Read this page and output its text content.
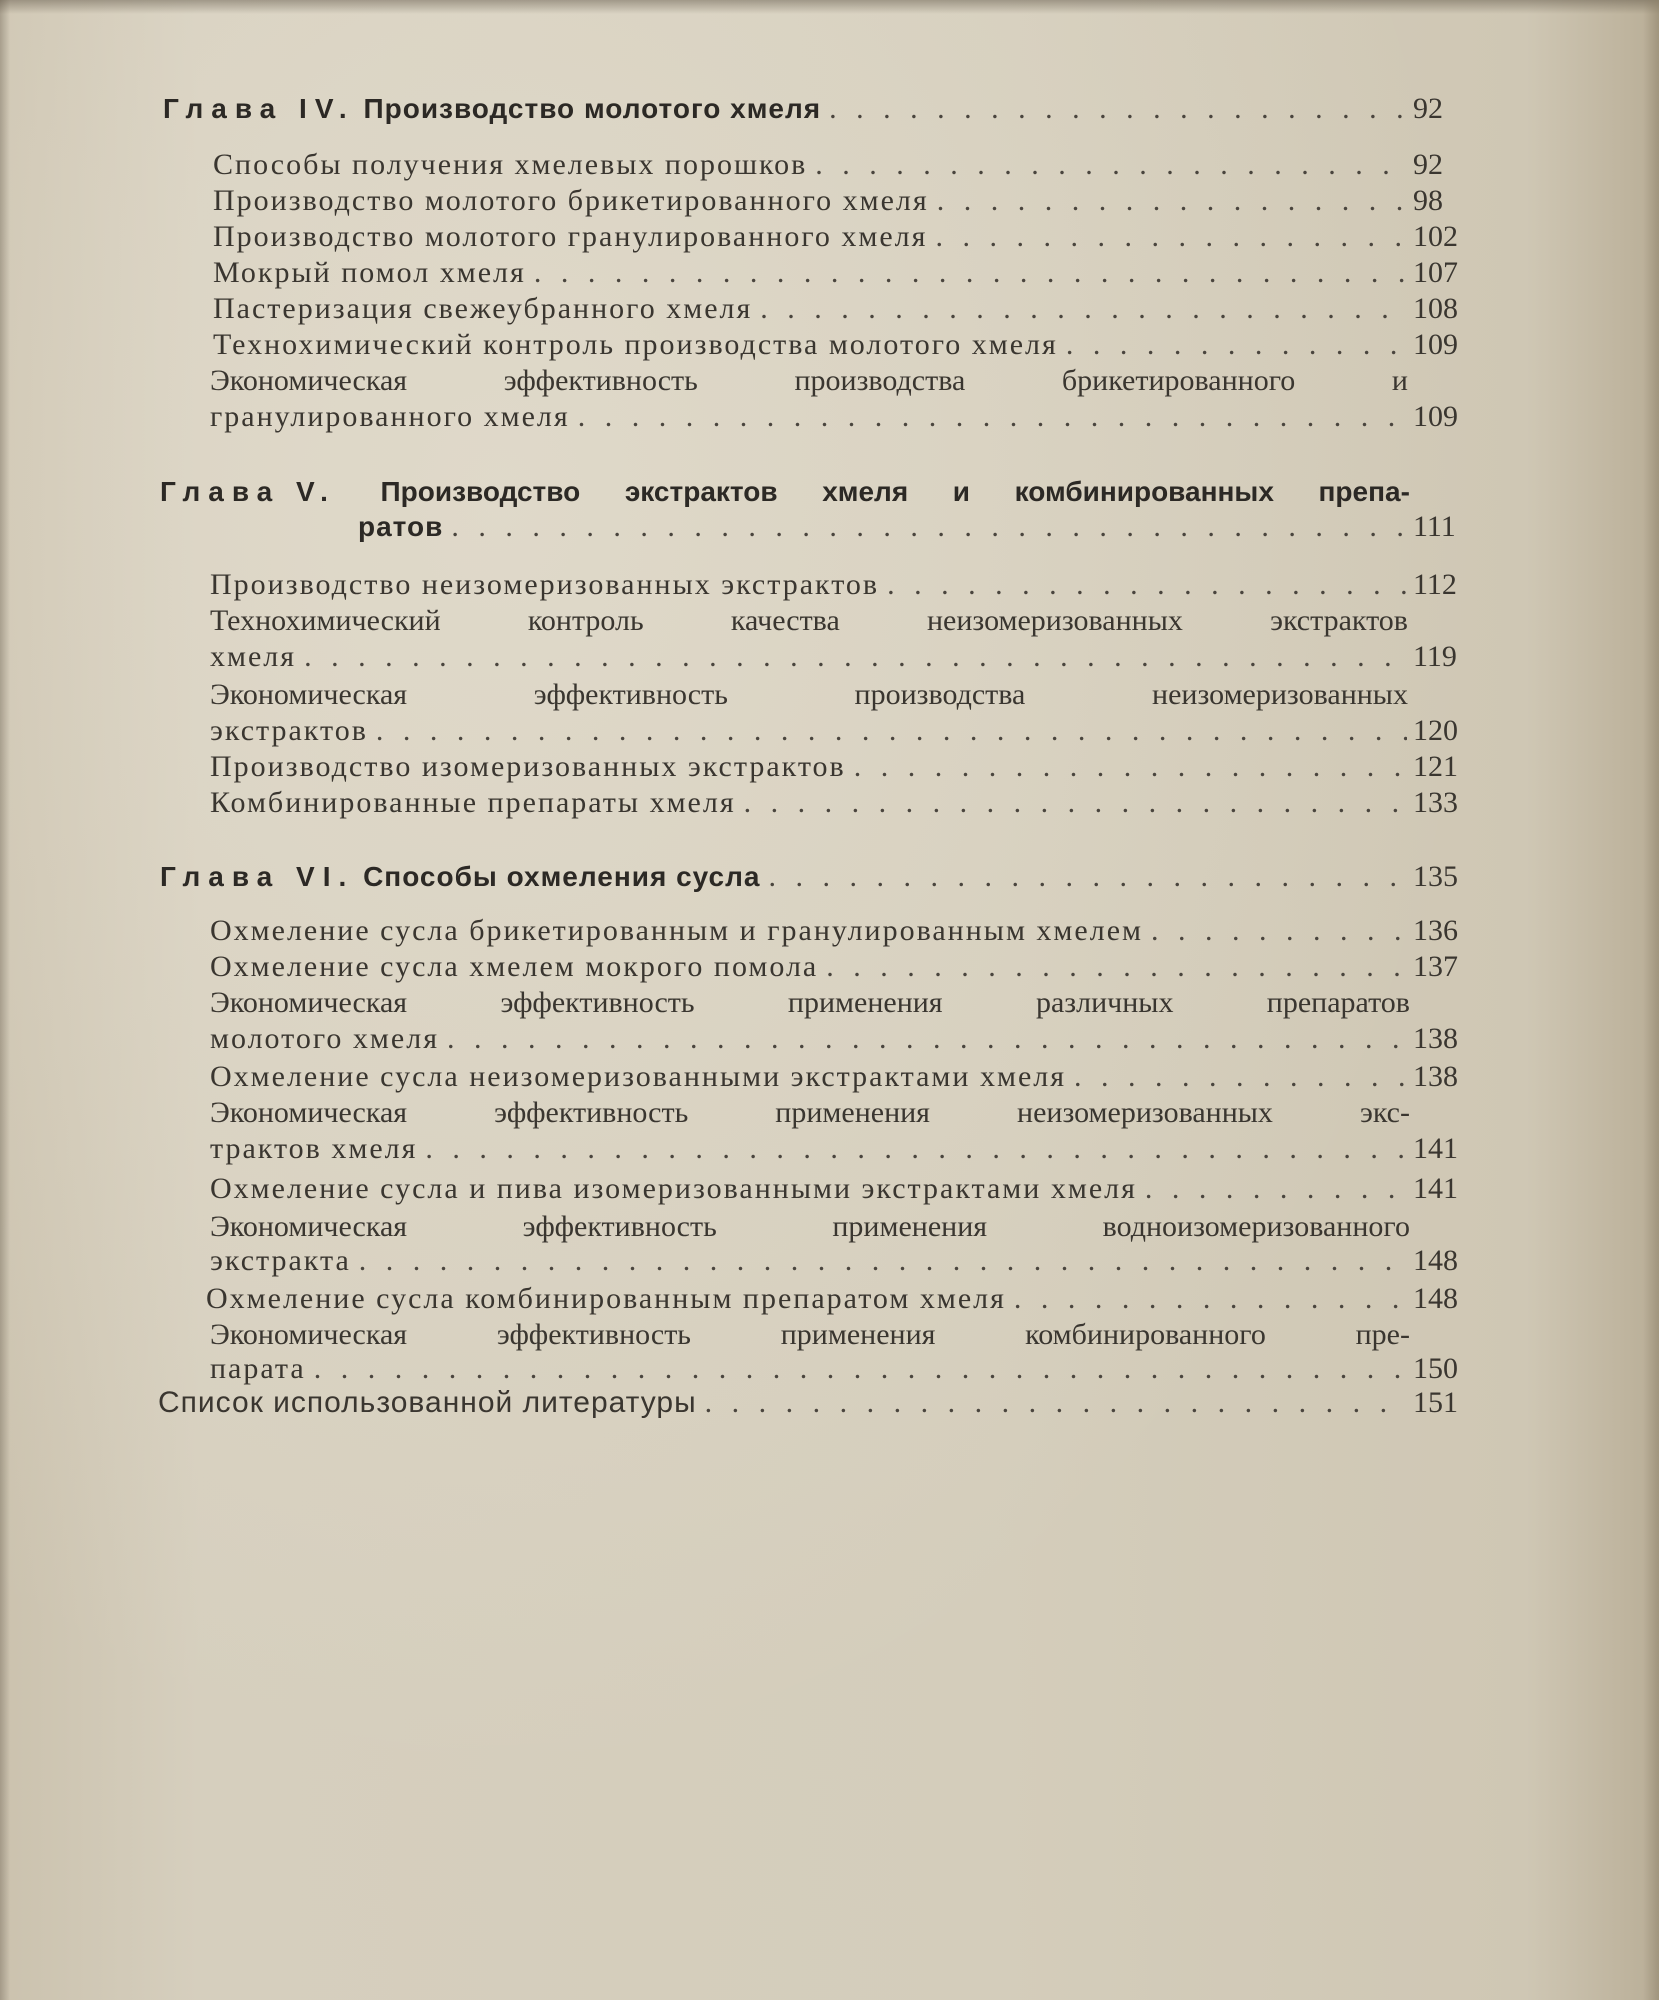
Глава IV. Производство молотого хмеля . . .	92
Способы получения хмелевых порошков . . .	92
Производство молотого брикетированного хмеля . . .	98
Производство молотого гранулированного хмеля . . .	102
Мокрый помол хмеля . . .	107
Пастеризация свежеубранного хмеля . . .	108
Технохимический контроль производства молотого хмеля . . .	109
Экономическая	эффективность	производства	брикетированного	и
гранулированного хмеля . . .	109
Глава V. Производство экстрактов хмеля и комбинированных препа-
ратов . . .	111
Производство неизомеризованных экстрактов . . .	112
Технохимический	контроль	качества	неизомеризованных	экстрактов
хмеля . . .	119
Экономическая	эффективность	производства	неизомеризованных
экстрактов . . .	120
Производство изомеризованных экстрактов . . .	121
Комбинированные препараты хмеля . . .	133
Глава VI. Способы охмеления сусла . . .	135
Охмеление сусла брикетированным и гранулированным хмелем . . .	136
Охмеление сусла хмелем мокрого помола . . .	137
Экономическая	эффективность	применения	различных	препаратов
молотого хмеля . . .	138
Охмеление сусла неизомеризованными экстрактами хмеля . . .	138
Экономическая	эффективность	применения	неизомеризованных	экс-
трактов хмеля . . .	141
Охмеление сусла и пива изомеризованными экстрактами хмеля . . .	141
Экономическая	эффективность	применения	водноизомеризованного
экстракта . . .	148
Охмеление сусла комбинированным препаратом хмеля . . .	148
Экономическая	эффективность	применения	комбинированного	пре-
парата . . .	150
Список использованной литературы . . .	151
